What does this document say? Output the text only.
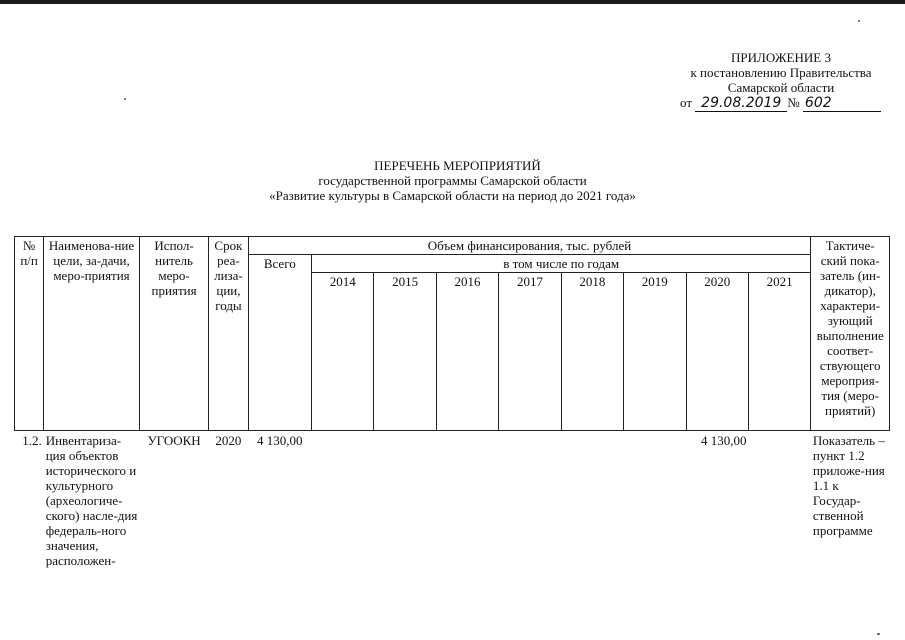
ПРИЛОЖЕНИЕ 3
к постановлению Правительства
Самарской области
от 29.08.2019 № 602
ПЕРЕЧЕНЬ МЕРОПРИЯТИЙ
государственной программы Самарской области
«Развитие культуры в Самарской области на период до 2021 года»
№ п/п	Наименова-ние цели, за-дачи, меро-приятия	Испол-нитель меро-приятия	Срок реа-лиза-ции, годы	Объем финансирования, тыс. рублей									Тактиче-ский пока-затель (ин-дикатор), характери-зующий выполнение соответ-ствующего мероприя-тия (меро-приятий)
				Всего	в том числе по годам								
					2014	2015	2016	2017	2018	2019	2020	2021	
1.2.	Инвентариза-ция объектов исторического и культурного (археологиче-ского) насле-дия федераль-ного значения, расположен-	УГООКН	2020	4 130,00							4 130,00		Показатель – пункт 1.2 приложе-ния 1.1 к Государ-ственной программе
